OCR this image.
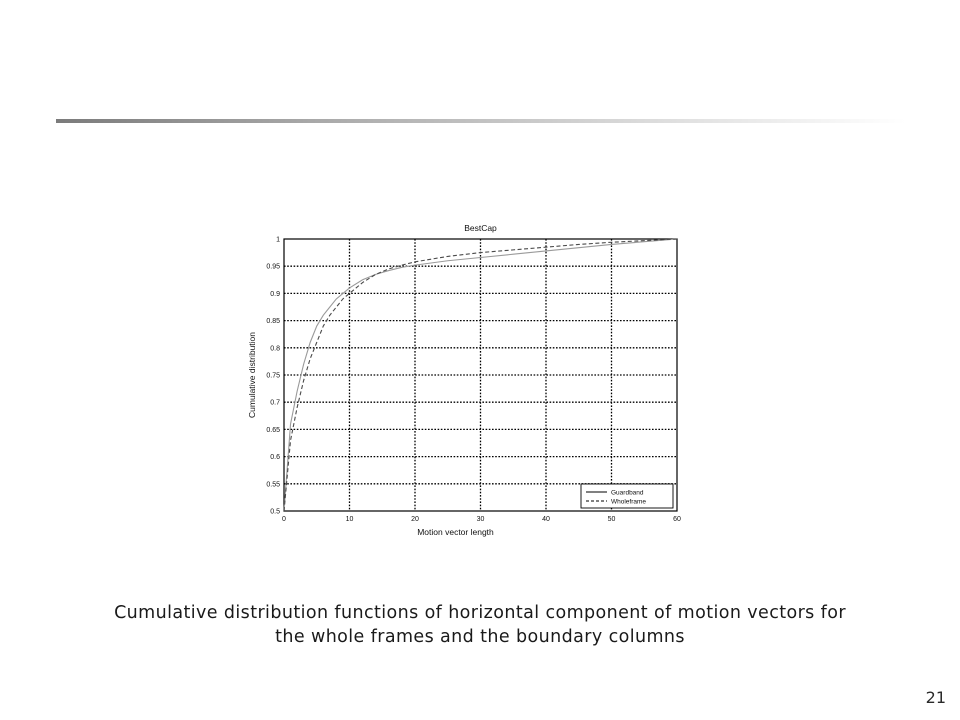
BestCap
Cumulative distribution
Motion vector length
0	10	20	30	40	50	60
0.5
0.55
0.6
0.65
0.7
0.75
0.8
0.85
0.9
0.95
1
Guardband
Wholeframe
Cumulative distribution functions of horizontal component of motion vectors for
the whole frames and the boundary columns
21
